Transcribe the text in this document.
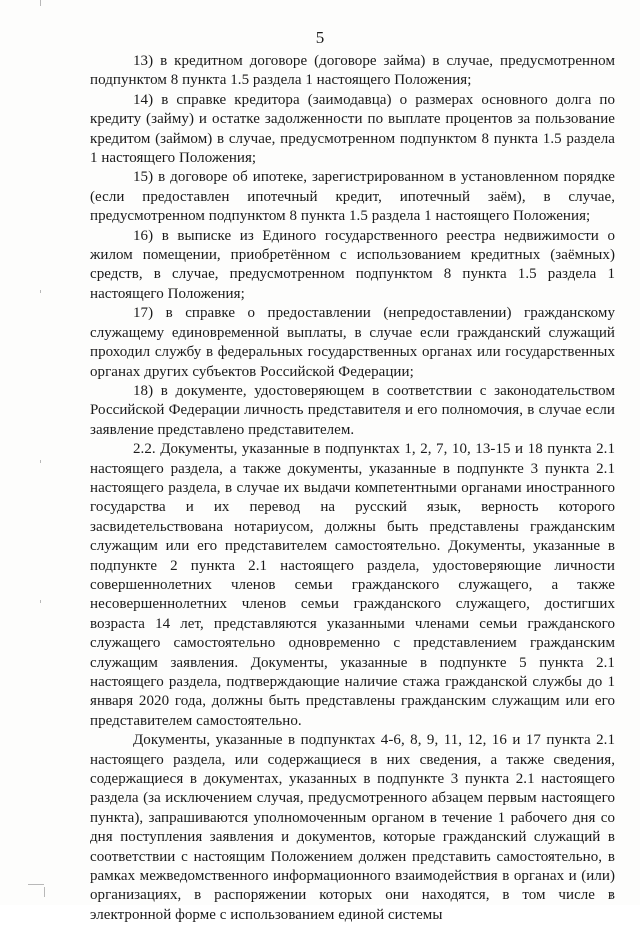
5

13) в кредитном договоре (договоре займа) в случае, предусмотренном подпунктом 8 пункта 1.5 раздела 1 настоящего Положения;

14) в справке кредитора (заимодавца) о размерах основного долга по кредиту (займу) и остатке задолженности по выплате процентов за пользование кредитом (займом) в случае, предусмотренном подпунктом 8 пункта 1.5 раздела 1 настоящего Положения;

15) в договоре об ипотеке, зарегистрированном в установленном порядке (если предоставлен ипотечный кредит, ипотечный заём), в случае, предусмотренном подпунктом 8 пункта 1.5 раздела 1 настоящего Положения;

16) в выписке из Единого государственного реестра недвижимости о жилом помещении, приобретённом с использованием кредитных (заёмных) средств, в случае, предусмотренном подпунктом 8 пункта 1.5 раздела 1 настоящего Положения;

17) в справке о предоставлении (непредоставлении) гражданскому служащему единовременной выплаты, в случае если гражданский служащий проходил службу в федеральных государственных органах или государственных органах других субъектов Российской Федерации;

18) в документе, удостоверяющем в соответствии с законодательством Российской Федерации личность представителя и его полномочия, в случае если заявление представлено представителем.

2.2. Документы, указанные в подпунктах 1, 2, 7, 10, 13-15 и 18 пункта 2.1 настоящего раздела, а также документы, указанные в подпункте 3 пункта 2.1 настоящего раздела, в случае их выдачи компетентными органами иностранного государства и их перевод на русский язык, верность которого засвидетельствована нотариусом, должны быть представлены гражданским служащим или его представителем самостоятельно. Документы, указанные в подпункте 2 пункта 2.1 настоящего раздела, удостоверяющие личности совершеннолетних членов семьи гражданского служащего, а также несовершеннолетних членов семьи гражданского служащего, достигших возраста 14 лет, представляются указанными членами семьи гражданского служащего самостоятельно одновременно с представлением гражданским служащим заявления. Документы, указанные в подпункте 5 пункта 2.1 настоящего раздела, подтверждающие наличие стажа гражданской службы до 1 января 2020 года, должны быть представлены гражданским служащим или его представителем самостоятельно.

Документы, указанные в подпунктах 4-6, 8, 9, 11, 12, 16 и 17 пункта 2.1 настоящего раздела, или содержащиеся в них сведения, а также сведения, содержащиеся в документах, указанных в подпункте 3 пункта 2.1 настоящего раздела (за исключением случая, предусмотренного абзацем первым настоящего пункта), запрашиваются уполномоченным органом в течение 1 рабочего дня со дня поступления заявления и документов, которые гражданский служащий в соответствии с настоящим Положением должен представить самостоятельно, в рамках межведомственного информационного взаимодействия в органах и (или) организациях, в распоряжении которых они находятся, в том числе в электронной форме с использованием единой системы
